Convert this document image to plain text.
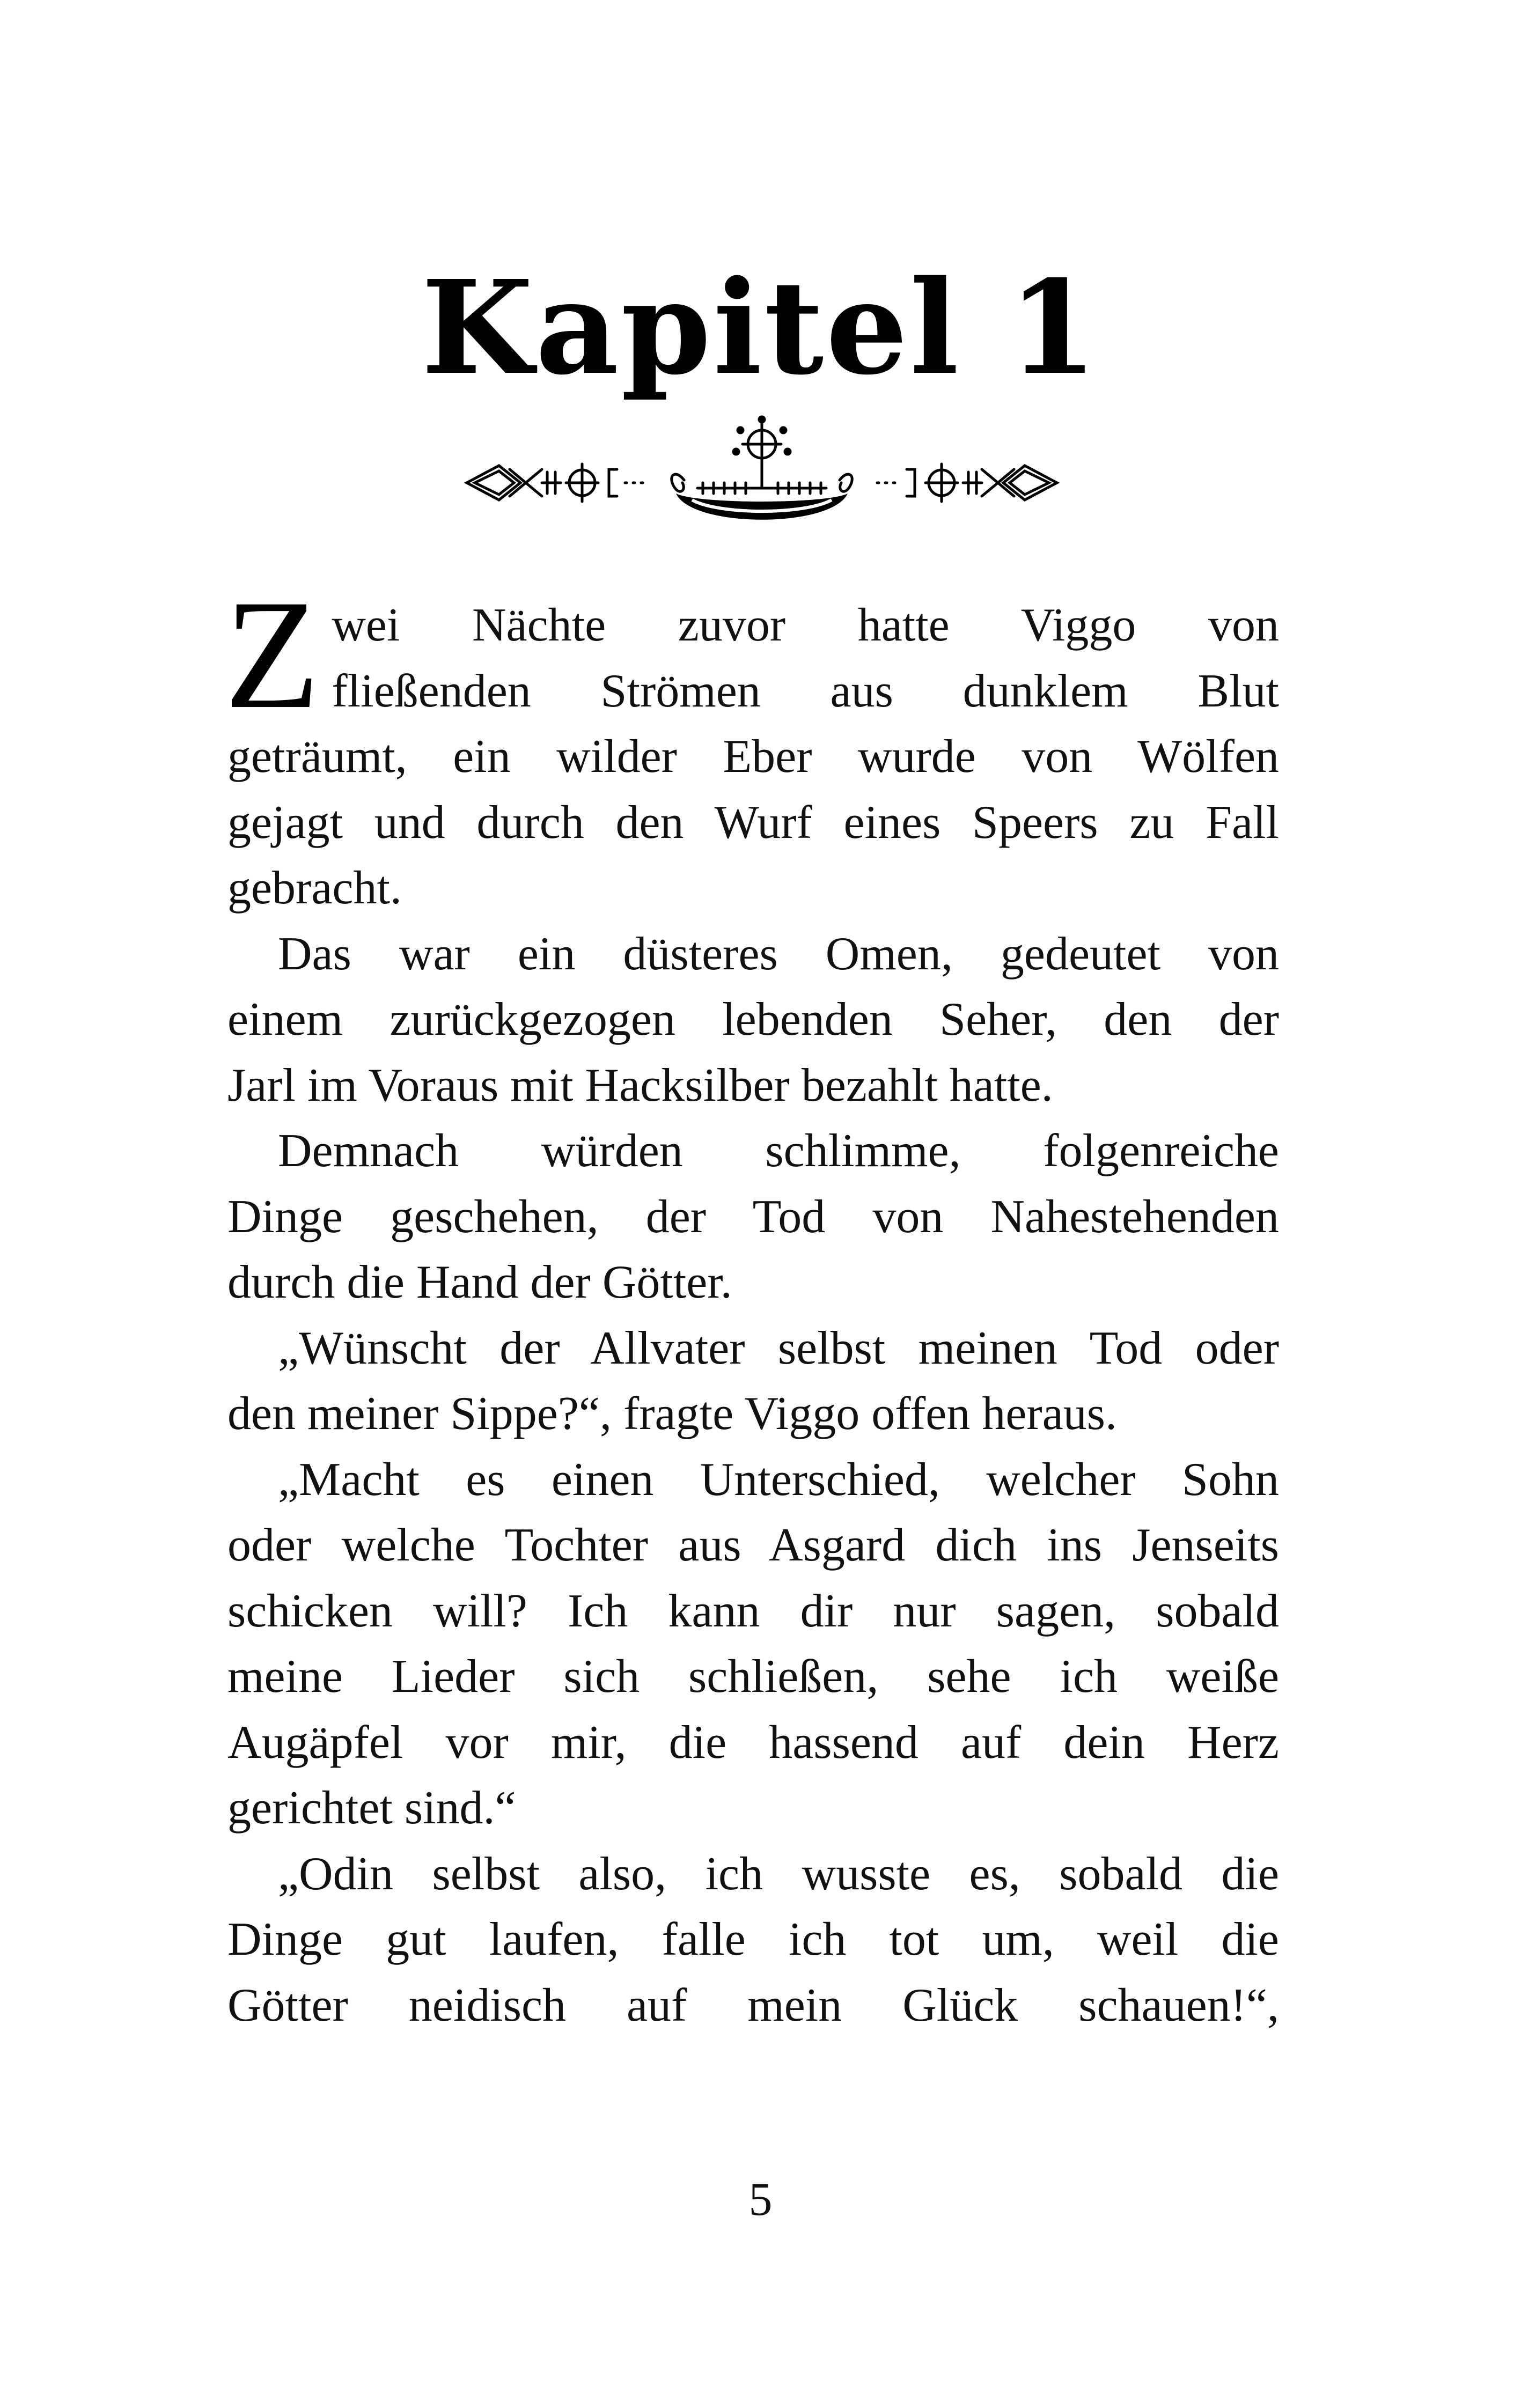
Kapitel 1

Z wei Nächte zuvor hatte Viggo von
fließenden Strömen aus dunklem Blut
geträumt, ein wilder Eber wurde von Wölfen
gejagt und durch den Wurf eines Speers zu Fall
gebracht.

Das war ein düsteres Omen, gedeutet von
einem zurückgezogen lebenden Seher, den der
Jarl im Voraus mit Hacksilber bezahlt hatte.

Demnach würden schlimme, folgenreiche
Dinge geschehen, der Tod von Nahestehenden
durch die Hand der Götter.

„Wünscht der Allvater selbst meinen Tod oder
den meiner Sippe?“, fragte Viggo offen heraus.

„Macht es einen Unterschied, welcher Sohn
oder welche Tochter aus Asgard dich ins Jenseits
schicken will? Ich kann dir nur sagen, sobald
meine Lieder sich schließen, sehe ich weiße
Augäpfel vor mir, die hassend auf dein Herz
gerichtet sind.“

„Odin selbst also, ich wusste es, sobald die
Dinge gut laufen, falle ich tot um, weil die
Götter neidisch auf mein Glück schauen!“,

5
